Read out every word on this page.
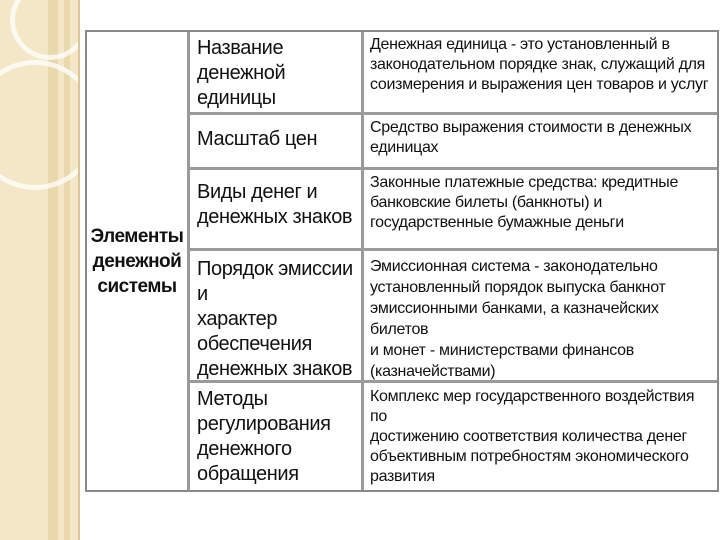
Элементы
денежной
системы
Название денежной
единицы
Денежная единица - это установленный в
законодательном порядке знак, служащий для
соизмерения и выражения цен товаров и услуг
Масштаб цен
Средство выражения стоимости в денежных
единицах
Виды денег и
денежных знаков
Законные платежные средства: кредитные
банковские билеты (банкноты) и
государственные бумажные деньги
Порядок эмиссии и
характер
обеспечения
денежных знаков
Эмиссионная система - законодательно
установленный порядок выпуска банкнот
эмиссионными банками, а казначейских билетов
и монет - министерствами финансов
(казначействами)
Методы
регулирования
денежного
обращения
Комплекс мер государственного воздействия по
достижению соответствия количества денег
объективным потребностям экономического
развития
